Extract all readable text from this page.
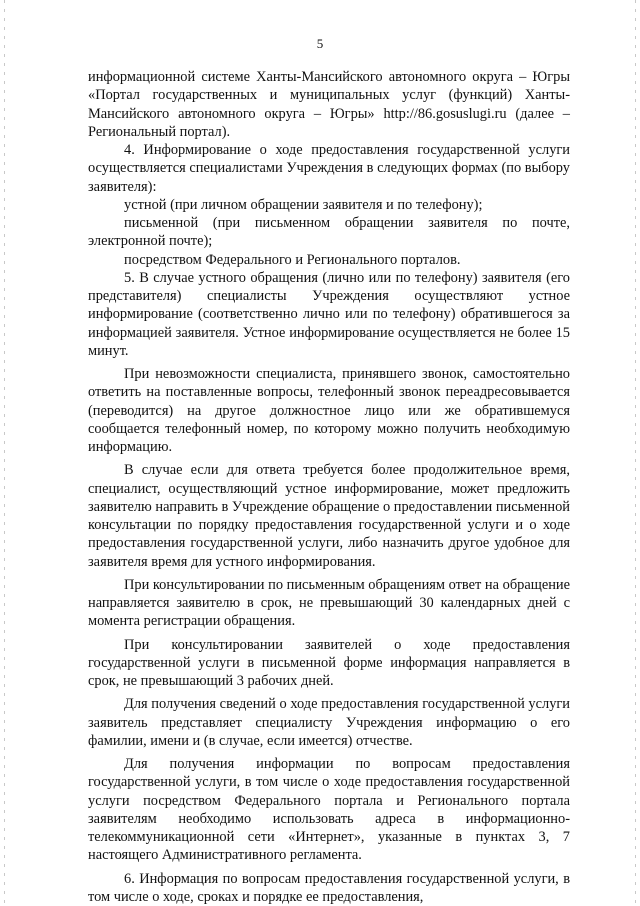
5

информационной системе Ханты-Мансийского автономного округа – Югры «Портал государственных и муниципальных услуг (функций) Ханты-Мансийского автономного округа – Югры» http://86.gosuslugi.ru (далее – Региональный портал).

4. Информирование о ходе предоставления государственной услуги осуществляется специалистами Учреждения в следующих формах (по выбору заявителя):

устной (при личном обращении заявителя и по телефону);

письменной (при письменном обращении заявителя по почте, электронной почте);

посредством Федерального и Регионального порталов.

5. В случае устного обращения (лично или по телефону) заявителя (его представителя) специалисты Учреждения осуществляют устное информирование (соответственно лично или по телефону) обратившегося за информацией заявителя. Устное информирование осуществляется не более 15 минут.

При невозможности специалиста, принявшего звонок, самостоятельно ответить на поставленные вопросы, телефонный звонок переадресовывается (переводится) на другое должностное лицо или же обратившемуся сообщается телефонный номер, по которому можно получить необходимую информацию.

В случае если для ответа требуется более продолжительное время, специалист, осуществляющий устное информирование, может предложить заявителю направить в Учреждение обращение о предоставлении письменной консультации по порядку предоставления государственной услуги и о ходе предоставления государственной услуги, либо назначить другое удобное для заявителя время для устного информирования.

При консультировании по письменным обращениям ответ на обращение направляется заявителю в срок, не превышающий 30 календарных дней с момента регистрации обращения.

При консультировании заявителей о ходе предоставления государственной услуги в письменной форме информация направляется в срок, не превышающий 3 рабочих дней.

Для получения сведений о ходе предоставления государственной услуги заявитель представляет специалисту Учреждения информацию о его фамилии, имени и (в случае, если имеется) отчестве.

Для получения информации по вопросам предоставления государственной услуги, в том числе о ходе предоставления государственной услуги посредством Федерального портала и Регионального портала заявителям необходимо использовать адреса в информационно-телекоммуникационной сети «Интернет», указанные в пунктах 3, 7 настоящего Административного регламента.

6. Информация по вопросам предоставления государственной услуги, в том числе о ходе, сроках и порядке ее предоставления,
